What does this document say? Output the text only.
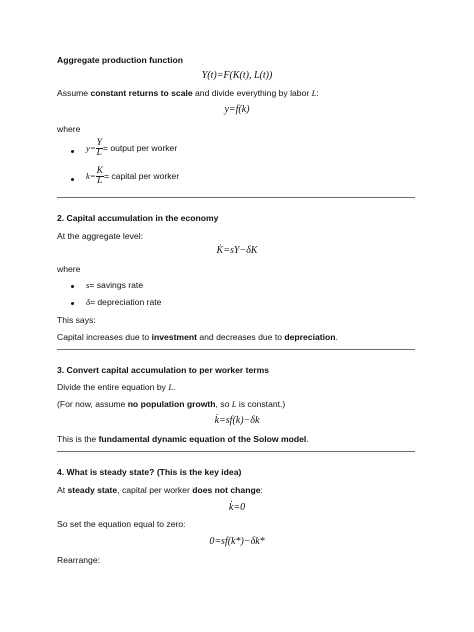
Aggregate production function
Y(t)=F(K(t), L(t))
Assume constant returns to scale and divide everything by labor L:
y=f(k)
where
$y= \frac{Y}{L}$ = output per worker
$k= \frac{K}{L}$ = capital per worker
2. Capital accumulation in the economy
At the aggregate level:
K̇=sY−δK
where
s= savings rate
δ= depreciation rate
This says:
Capital increases due to investment and decreases due to depreciation.
3. Convert capital accumulation to per worker terms
Divide the entire equation by L.
(For now, assume no population growth, so L is constant.)
k̇=sf(k)−δk
This is the fundamental dynamic equation of the Solow model.
4. What is steady state? (This is the key idea)
At steady state, capital per worker does not change:
k̇=0
So set the equation equal to zero:
0=sf(k*)−δk*
Rearrange:
